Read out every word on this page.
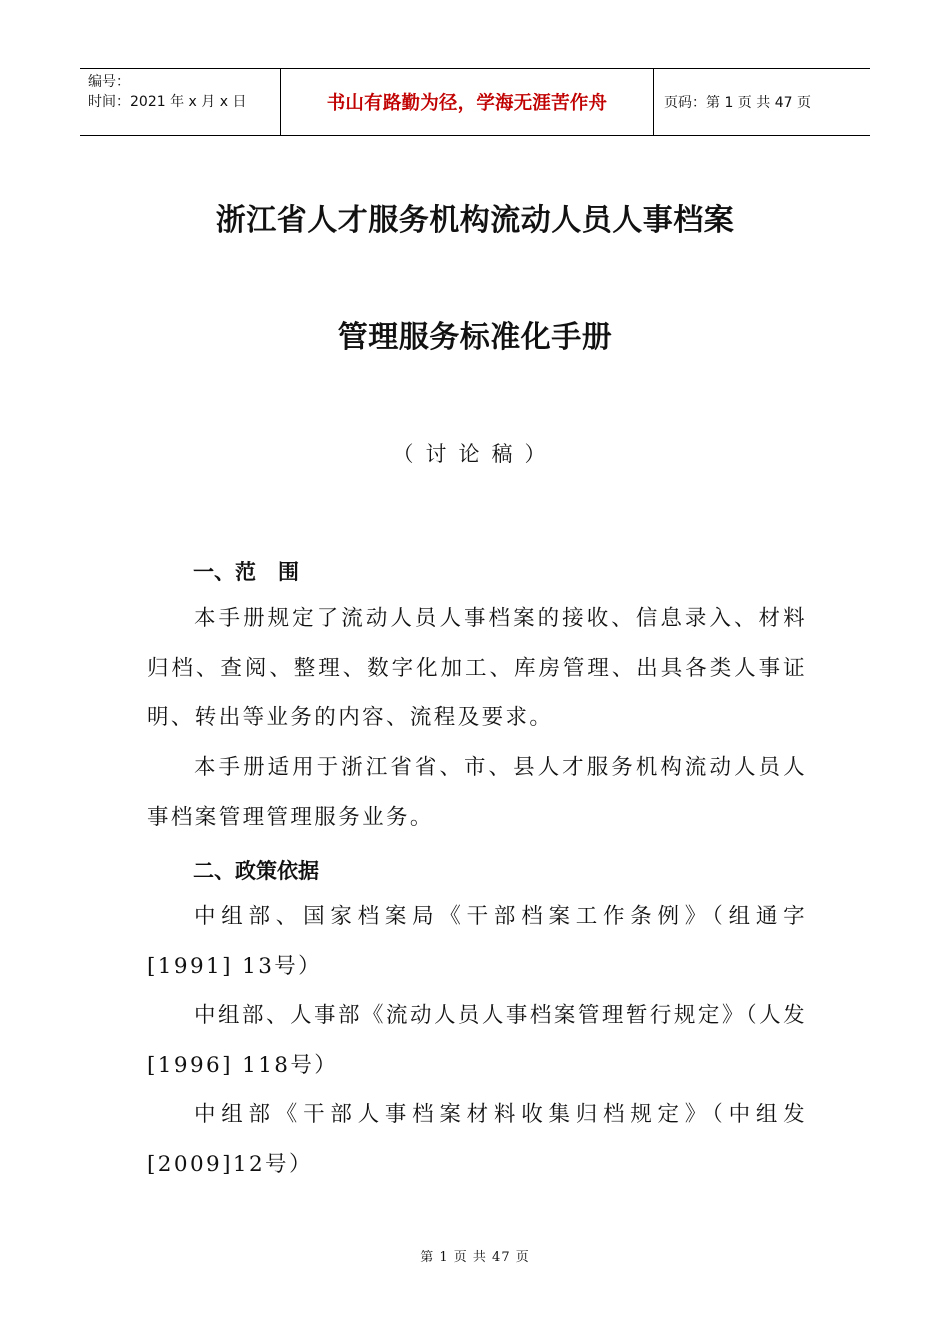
编号：
时间：2021 年 x 月 x 日	书山有路勤为径，学海无涯苦作舟	页码：第 1 页 共 47 页
浙江省人才服务机构流动人员人事档案
管理服务标准化手册
（讨论稿）
一、范 围

本手册规定了流动人员人事档案的接收、信息录入、材料归档、查阅、整理、数字化加工、库房管理、出具各类人事证明、转出等业务的内容、流程及要求。

本手册适用于浙江省省、市、县人才服务机构流动人员人事档案管理管理服务业务。

二、政策依据

中组部、国家档案局《干部档案工作条例》（组通字[1991] 13号）

中组部、人事部《流动人员人事档案管理暂行规定》（人发[1996] 118号）

中组部《干部人事档案材料收集归档规定》（中组发[2009]12号）

第 1 页 共 47 页
